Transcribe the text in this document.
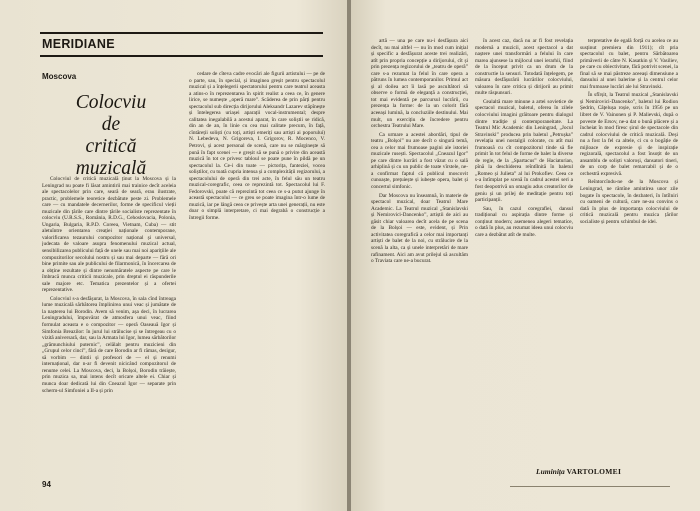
MERIDIANE
Moscova
Colocviu
de
critică
muzicală

Colocviul de critică muzicală ținut la Moscova și la Leningrad nu poate fi lăsat amintirii mai trainice decît aceleia ale spectacolelor prin care, seară de seară, erau ilustrate, practic, problemele teoretice dezbătute peste zi. Problemele care — cu mandatele decernerilor, forme de specificul vieții muzicale din țările care dintre țările socialiste reprezentate în colocviu (U.R.S.S., România, R.D.G., Cehoslovacia, Polonia, Ungaria, Bulgaria, R.P.D. Coreea, Vietnam, Cuba) — stit aletuîntre orientarea creației naționale contemporane, valorificarea tezaurului compozitor național și universal, judecata de valoare asupra fenomenului muzical actual, sensibilizarea publicului față de unele sau mai noi aparițiile ale compozitorilor secolului nostru și sau mai departe — fără ori bine primite sau ale publicului de filarmonică, în încercarea de a obține rezultate și dintre nenumăratele aspecte pe care le îmbracă munca criticii muzicale, prin dreptul ei răspunderile sale majore etc. Tematica prezentelor și a ofertei reprezentative.

Colocviul s-a desfășurat, la Moscova, în sala cînd întreaga lume muzicală sărbătorea împlinirea unui veac și jumătate de la nașterea lui Borodin. Avem să venim, așa deci, în lucrarea Leningradului, împovărat de atmosfera unui veac, fiind formulat aceasta e o compozitor — operă Oaseauă Igor și Simfonia Breazilor: în jurul lui strălucise și se întregeau cu o vizită aniversară, dar, sau la Armata lui Igor, lumea sărbătorilor „grămunchiului puternic”, celălalt pentru muzicieni din „Grupul celor cinci”, fără de care Borodin ar fi rămas, desigur, să vorbim — dintii și profesori de — el și renumi internațional, dar n-ar fi devenit nicicând compozitorul de renume celei. La Moscova, deci, la Bolșoi, Borodin trăiește, prin muzica sa, mai intens decît oricare altele ei. Chiar și munca doar dedicată lui din Cneazul Igor — separate prin scherm-ul Simfoniei a II-a și prin

cedare de cîteva cadre evocări ale figurii artistului — pe de o parte, sau, în special, și imaginea greșit pentru spectacolul muzical și a înțelegerii spectatorului pentru care teatrul aceasta a atins-o în reprezentarea în spirit realist a ceea ce, în genere lirice, se numește „operă mare”. Scăderea de prin părți pentru spectacolul sub direcția dirijorului Aleksandr Lazarev stăpînește și întelegerea uriașei aparații vocal-instrumental; despre calitatea inegalabilă a acestui aparat, în care soliștii se ridică, din an de an, în linie cu cea mai calitate precum, în față, cîntăreții soliști (cu toți, artiști emeriți sau artiști ai poporului) N. Lebedeva, N. Grigoreva, I. Grigorov, R. Mocenco, V. Petrovi, și acest personal de scenă, care nu se mărginește să pună în fapt scenei — e greșit să se pună o privire din această muzică în tot ce privesc tabloul se poate pune în pildă pe un spectacolul la. Ce-i din toate — pictorița, fanteziei, vocea soliștilor, cu toată cupria intensa și a complexității regizorului, a spectacolului de operă din trei acte, în felul său un teatru muzical-coregrafic, ceea ce reprezintă tot. Spectacolul lui F. Fedorovski, poate că reprezintă tot ceea ce s-a putut ajunge în această spectacolul — ce greu se poate imagina într-o lume de muzică, iar pe lângă ceea ce privește arta unei generații, nu este doar o simplă interpretare, ci mai degrabă o construcție a întregii forme.

94

artă — una pe care nu-i desfășura aici decît, nu mai altfel — nu în mod cum inițial și specific a desfășurat aceste trei realizări, atît prin propria concepție a dirijorului, cît și prin prezența regizorului de „teatru de operă” care s-a rezumat la felul în care opera a pătruns în lumea contemporanilor. Primul act și al doilea act îi lasă pe ascultători să observe o formă de eleganță a construcției, tot mai evidentă pe parcursul lucrării, cu prezența la forme: de la un colorit fără aceeași lumină, la concluziile destinului. Mai mult, un exercițiu de încredere pentru orchestra Teatrului Mare.

Ca urmare a acestei abordări, tipul de teatru „Bolșoi” nu are decît o singură temă, cea a celor mai frumoase pagini ale istoriei muzicale rusești. Spectacolul „Cneazul Igor” pe care dintre lucrări a fost văzut cu o sală arhiplină și cu un public de toate vîrstele, ne-a confirmat faptul că publicul moscovit cunoaște, prețuiește și iubește opera, balet și concertul simfonic.

Dar Moscova nu înseamnă, în materie de spectacol muzical, doar Teatrul Mare Academic. La Teatrul muzical „Stanislavski și Nemirovici-Dancenko”, artiștii de aici au găsit chiar valoarea decît acela de pe scena de la Bolșoi — este, evident, și Prin activitatea coregrafică a celor mai importanți artiști de balet de la noi, cu strălucire de la scenă la alta, ca și unele interpretări de mare rafinament. Aici am avut prilejul să ascultăm o Traviata care ne-a bucurat.

în acest caz, dacă nu ar fi fost revelația modernă a muzicii, acest spectacol a dat naștere unei transformări a felului în care marea ajunsese la mijlocul unei ierarhii, fiind de la început privit ca un drum de la constructie la sensuri. Totodată înțelegem, pe măsura desfășurării lucrărilor colocviului, valoarea în care critica și dirijorii au primit multe răspunsuri.

Cealaltă mare minune a artei sovietice de spectacol muzical, baletul, oferea în zilele colocviului imagini grăitoare pentru dialogul dintre tradiție și contemporaneitate. La Teatrul Mic Academic din Leningrad, „Jocul Stravinski” producea prin baletul „Petrușka” revelația unei nostalgii colorate, cu atît mai frumoasă cu cît compozitorul tinde să fie primit în tot felul de forme de balet la diverse de regie, de la „Spartacus” de Haciaturian, pînă la deschiderea reîntîlnită în baletul „Romeo și Julieta” al lui Prokofiev. Ceea ce s-a întîmplat pe scenă în cadrul acestei seri a fost deopotrivă un omagiu adus creatorilor de geniu și un prilej de meditație pentru toți participanții.

Sau, în cazul coregrafiei, dansul tradițional cu aspirația dintre forme și conținut modern; asemenea alegeri tematice, o dată în plus, au rezumat ideea unui colocviu care a dezbătut atît de multe.

terpretative de egală forță cu acelea ce au susținut premiera din 1911); cît pria spectacolul cu balet, pentru Sărbătoarea primăverii de către N. Kasatkin și V. Vasiliev, pe care cu obiectivitate, fără potrivit scenei, la final să se mai păstreze aceeași dimensiune a dansului al unei balerine și la centrul celor mai frumoase lucrări ale lui Stravinski.

În sfîrșit, la Teatrul muzical „Stanislavski și Nemirovici-Dancenko”, baletul lui Rodion Ședrin, Cățelușa roșie, scris în 1956 pe un libret de V. Vainonen și P. Malievski, după o poveste de Ersov, ne-a dat o bună plăcere și a încheiat în mod firesc șirul de spectacole din cadrul colocviului de critică muzicală. Deși nu a fost la fel ca altele, ci cu o bogăție de mijloace de expresie și de inspirație regizorală, spectacolul a fost însoțit de un ansamblu de soliști valoroși, dansatori tineri, de un corp de balet remarcabil și de o orchestră expresivă.

Reîntorcîndu-ne de la Moscova și Leningrad, ne rămîne amintirea unor zile bogate în spectacole, în dezbateri, în întîlniri cu oameni de cultură, care ne-au convins o dată în plus de importanța colocviului de critică muzicală pentru muzica țărilor socialiste și pentru schimbul de idei.

Luminița VARTOLOMEI
